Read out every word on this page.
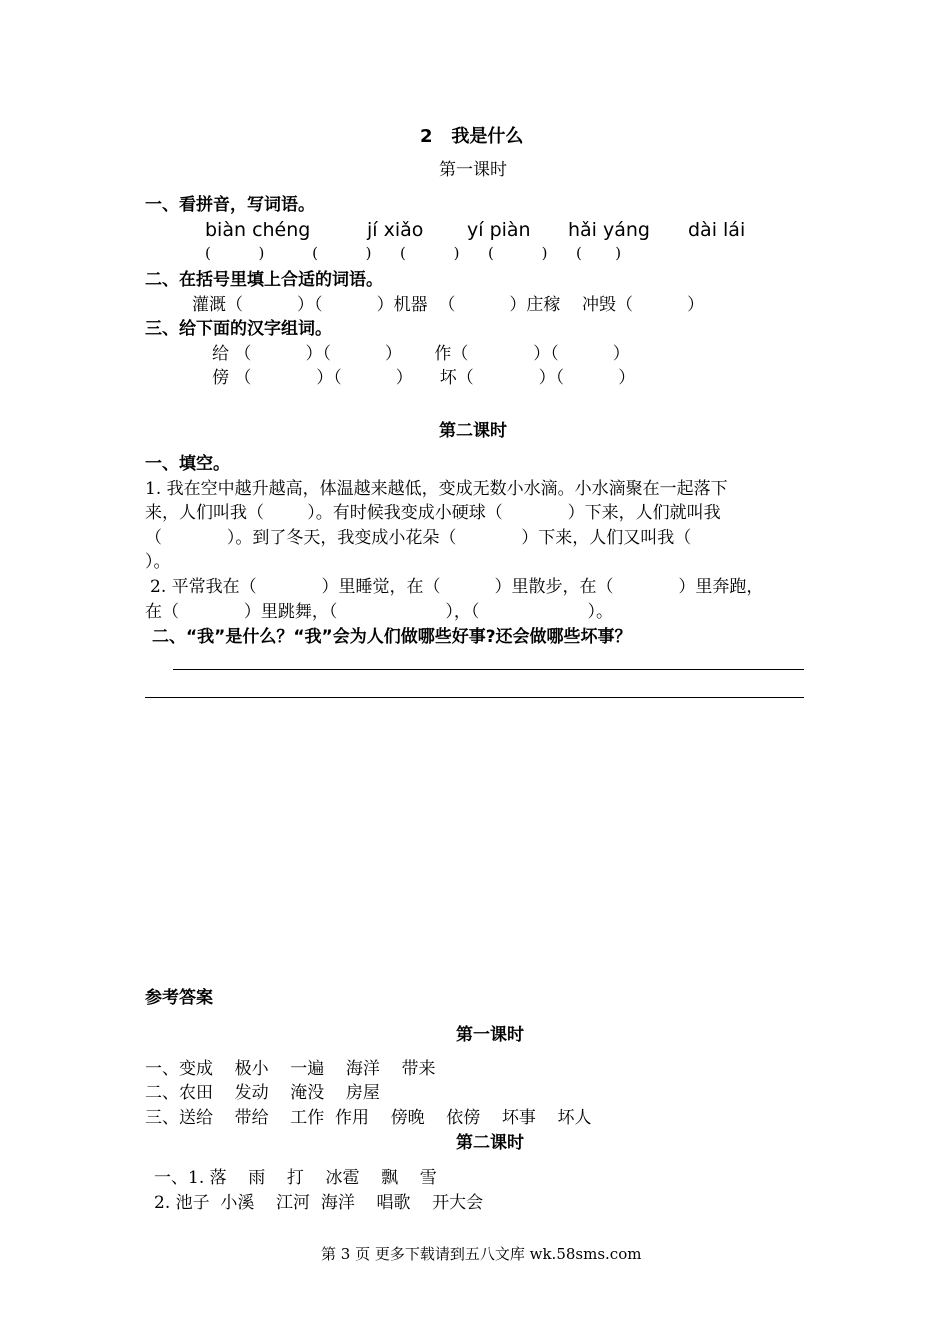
2   我是什么
第一课时
一、看拼音，写词语。
biàn chéng	jí xiǎo yí piàn hǎi yáng dài lái
(          )          (          )      (          )      (          )      (       )
二、在括号里填上合适的词语。
灌溉（          ）（          ）机器  （          ）庄稼    冲毁（          ）
三、给下面的汉字组词。
给 （          ）（          ）      作（            ）（          ）
傍 （            ）（          ）     坏（            ）（          ）
第二课时
一、填空。
1. 我在空中越升越高，体温越来越低，变成无数小水滴。小水滴聚在一起落下
来，人们叫我（        ）。有时候我变成小硬球（            ）下来，人们就叫我
（            ）。到了冬天，我变成小花朵（            ）下来，人们又叫我（
）。
2. 平常我在（            ）里睡觉，在（          ）里散步，在（            ）里奔跑，
在（            ）里跳舞，（                    ），（                    ）。
二、“我”是什么？“我”会为人们做哪些好事?还会做哪些坏事？
参考答案
第一课时
一、变成    极小    一遍    海洋    带来
二、农田    发动    淹没    房屋
三、送给    带给    工作  作用    傍晚    依傍    坏事    坏人
第二课时
一、1. 落    雨    打    冰雹    飘    雪
2. 池子  小溪    江河  海洋    唱歌    开大会
第 3 页 更多下载请到五八文库 wk.58sms.com
